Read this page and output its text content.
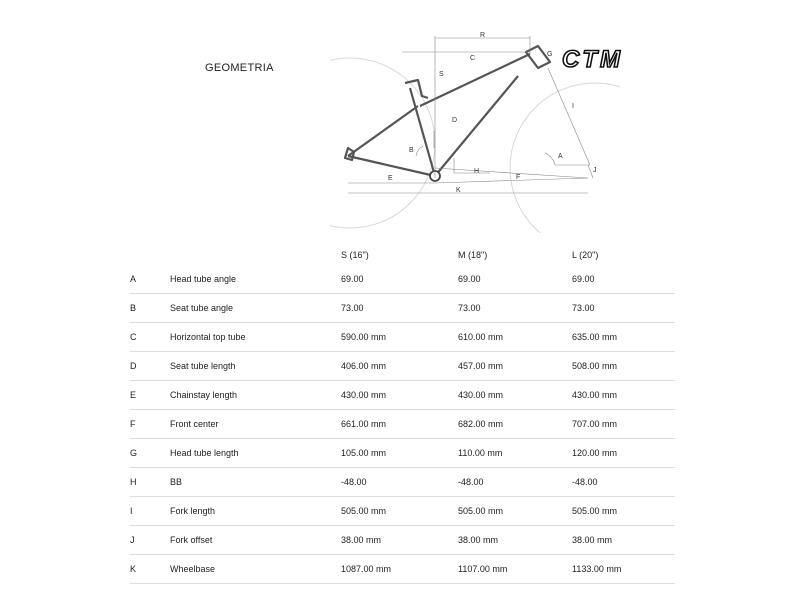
GEOMETRIA
R
G
C
S
D
I
B
A
H	J
E	F
K
CTM
		S (16")	M (18")	L (20")
A	Head tube angle	69.00	69.00	69.00
B	Seat tube angle	73.00	73.00	73.00
C	Horizontal top tube	590.00 mm	610.00 mm	635.00 mm
D	Seat tube length	406.00 mm	457.00 mm	508.00 mm
E	Chainstay length	430.00 mm	430.00 mm	430.00 mm
F	Front center	661.00 mm	682.00 mm	707.00 mm
G	Head tube length	105.00 mm	110.00 mm	120.00 mm
H	BB	-48.00	-48.00	-48.00
I	Fork length	505.00 mm	505.00 mm	505.00 mm
J	Fork offset	38.00 mm	38.00 mm	38.00 mm
K	Wheelbase	1087.00 mm	1107.00 mm	1133.00 mm
